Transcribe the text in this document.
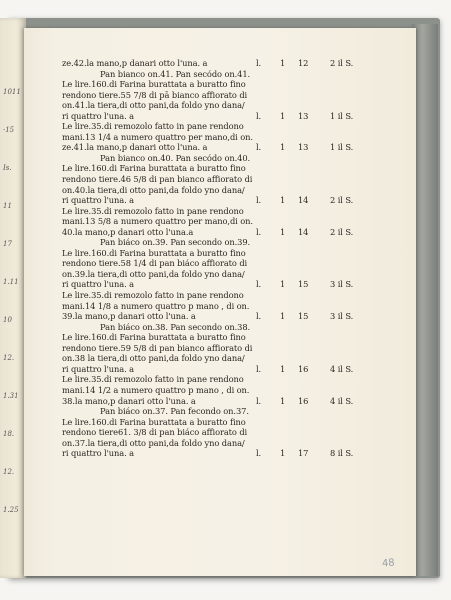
1011
·15
Is.
11
17
1.11
10
12.
1.31
18.
12.
1.25
ze.42.la mano,p danari otto l'una. a	l. 1 12	2 il S.
Pan bianco on.41. Pan secódo on.41.
Le lire.160.di Farina burattata a buratto fino
rendono tiere.55 7/8 di pā bianco affiorato di
on.41.la tiera,di otto pani,da foldo yno dana/
ri quattro l'una. a	l. 1 13	1 il S.
Le lire.35.di remozolo fatto in pane rendono
mani.13 1/4 a numero quattro per mano,di on.
ze.41.la mano,p danari otto l'una. a	l. 1 13	1 il S.
Pan bianco on.40. Pan secódo on.40.
Le lire.160.di Farina burattata a buratto fino
rendono tiere.46 5/8 di pan bianco affiorato di
on.40.la tiera,di otto pani,da foldo yno dana/
ri quattro l'una. a	l. 1 14	2 il S.
Le lire.35.di remozolo fatto in pane rendono
mani.13 5/8 a numero quattro per mano,di on.
40.la mano,p danari otto l'una.a	l. 1 14	2 il S.
Pan biáco on.39. Pan secondo on.39.
Le lire.160.di Farina burattata a buratto fino
rendono tiere.58 1/4 di pan biáco affiorato di
on.39.la tiera,di otto pani,da foldo yno dana/
ri quattro l'una. a	l. 1 15	3 il S.
Le lire.35.di remozolo fatto in pane rendono
mani.14 1/8 a numero quattro p mano , di on.
39.la mano,p danari otto l'una. a	l. 1 15	3 il S.
Pan biáco on.38. Pan secondo on.38.
Le lire.160.di Farina burattata a buratto fino
rendono tiere.59 5/8 di pan bianco affiorato di
on.38 la tiera,di otto pani,da foldo yno dana/
ri quattro l'una. a	l. 1 16	4 il S.
Le lire.35.di remozolo fatto in pane rendono
mani.14 1/2 a numero quattro p mano , di on.
38.la mano,p danari otto l'una. a	l. 1 16	4 il S.
Pan biáco on.37. Pan fecondo on.37.
Le lire.160.di Farina burattata a buratto fino
rendono tiere61. 3/8 di pan biáco affiorato di
on.37.la tiera,di otto pani,da foldo yno dana/
ri quattro l'una. a	l. 1 17	8 il S.
48
